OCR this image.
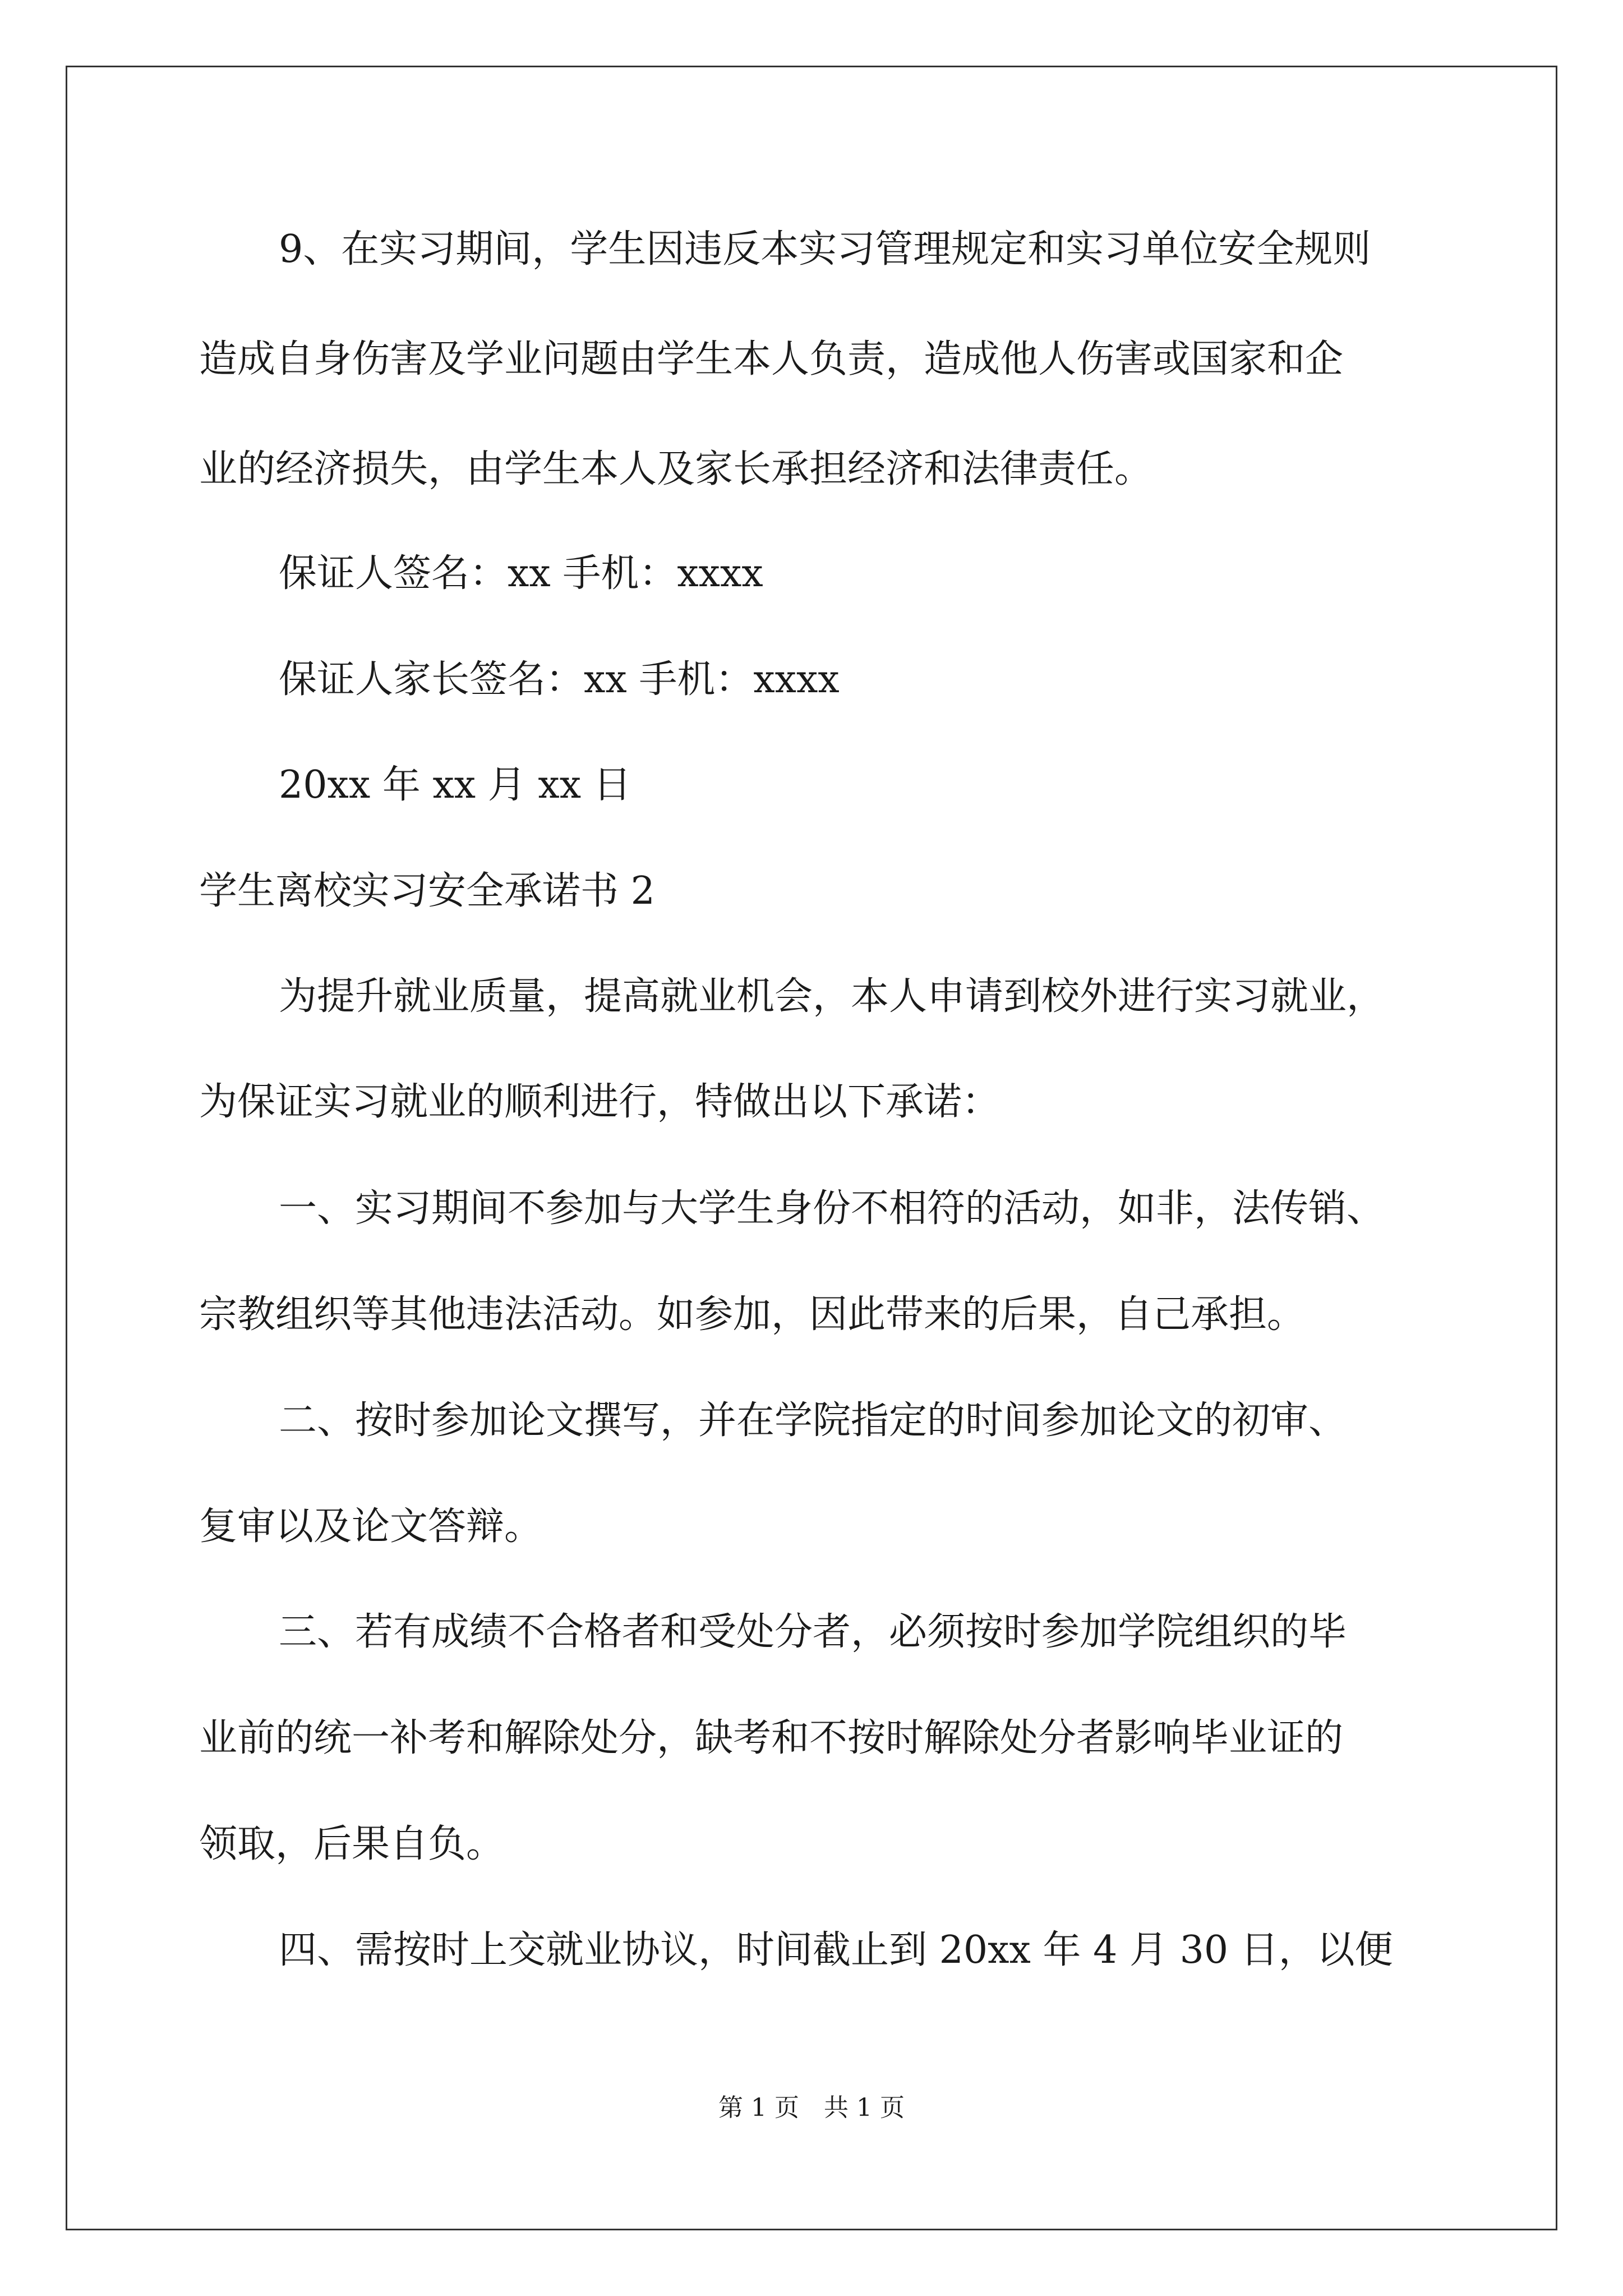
9、在实习期间，学生因违反本实习管理规定和实习单位安全规则
造成自身伤害及学业问题由学生本人负责，造成他人伤害或国家和企
业的经济损失，由学生本人及家长承担经济和法律责任。
保证人签名：xx 手机：xxxx
保证人家长签名：xx 手机：xxxx
20xx 年 xx 月 xx 日
学生离校实习安全承诺书 2
为提升就业质量，提高就业机会，本人申请到校外进行实习就业，
为保证实习就业的顺利进行，特做出以下承诺：
一、实习期间不参加与大学生身份不相符的活动，如非，法传销、
宗教组织等其他违法活动。如参加，因此带来的后果，自己承担。
二、按时参加论文撰写，并在学院指定的时间参加论文的初审、
复审以及论文答辩。
三、若有成绩不合格者和受处分者，必须按时参加学院组织的毕
业前的统一补考和解除处分，缺考和不按时解除处分者影响毕业证的
领取，后果自负。
四、需按时上交就业协议，时间截止到 20xx 年 4 月 30 日，以便
第 1 页　共 1 页
